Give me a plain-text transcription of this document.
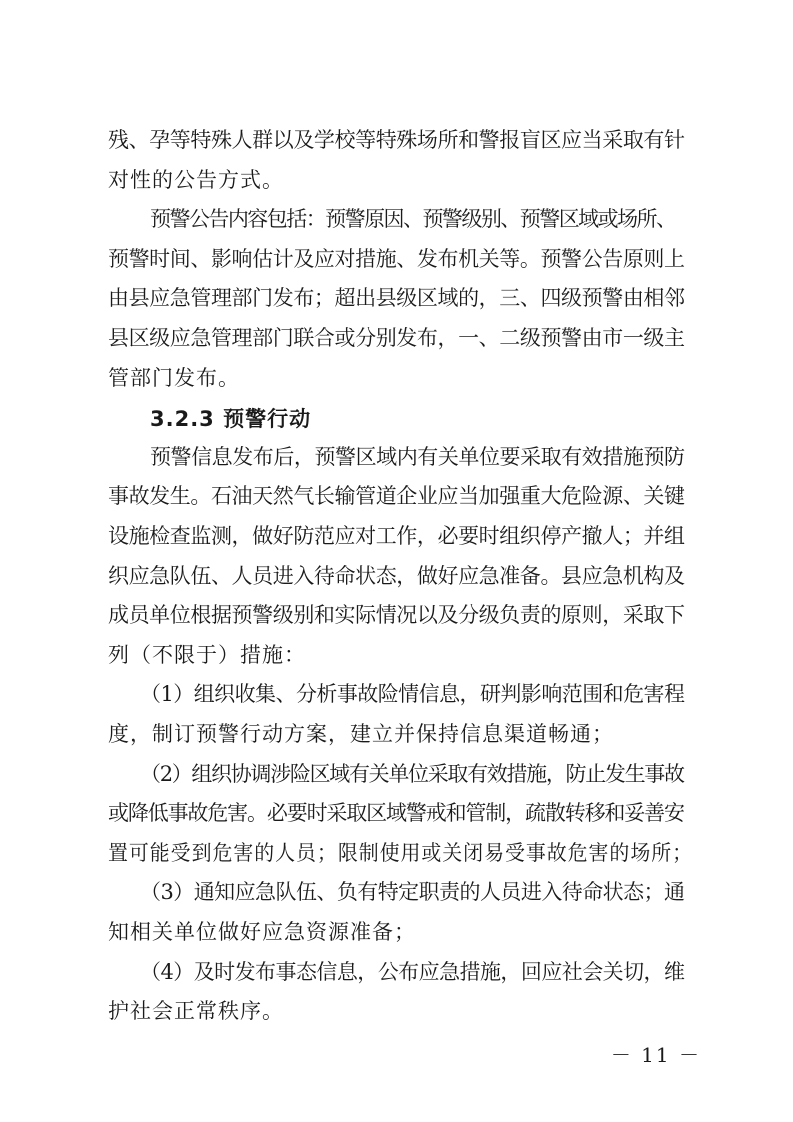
残、孕等特殊人群以及学校等特殊场所和警报盲区应当采取有针
对性的公告方式。
预警公告内容包括：预警原因、预警级别、预警区域或场所、
预警时间、影响估计及应对措施、发布机关等。预警公告原则上
由县应急管理部门发布；超出县级区域的，三、四级预警由相邻
县区级应急管理部门联合或分别发布，一、二级预警由市一级主
管部门发布。
3.2.3 预警行动
预警信息发布后，预警区域内有关单位要采取有效措施预防
事故发生。石油天然气长输管道企业应当加强重大危险源、关键
设施检查监测，做好防范应对工作，必要时组织停产撤人；并组
织应急队伍、人员进入待命状态，做好应急准备。县应急机构及
成员单位根据预警级别和实际情况以及分级负责的原则，采取下
列（不限于）措施：
（1）组织收集、分析事故险情信息，研判影响范围和危害程
度，制订预警行动方案，建立并保持信息渠道畅通；
（2）组织协调涉险区域有关单位采取有效措施，防止发生事故
或降低事故危害。必要时采取区域警戒和管制，疏散转移和妥善安
置可能受到危害的人员；限制使用或关闭易受事故危害的场所；
（3）通知应急队伍、负有特定职责的人员进入待命状态；通
知相关单位做好应急资源准备；
（4）及时发布事态信息，公布应急措施，回应社会关切，维
护社会正常秩序。
－ 11 －
